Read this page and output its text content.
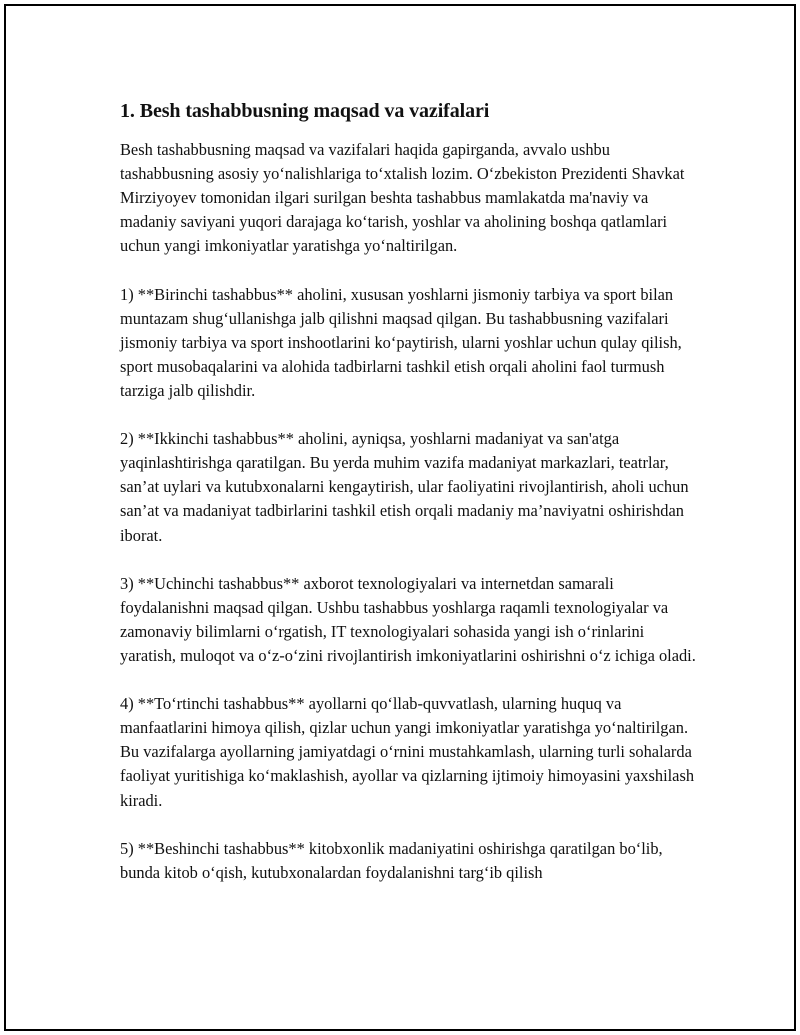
1. Besh tashabbusning maqsad va vazifalari

Besh tashabbusning maqsad va vazifalari haqida gapirganda, avvalo ushbu tashabbusning asosiy yo‘nalishlariga to‘xtalish lozim. O‘zbekiston Prezidenti Shavkat Mirziyoyev tomonidan ilgari surilgan beshta tashabbus mamlakatda ma'naviy va madaniy saviyani yuqori darajaga ko‘tarish, yoshlar va aholining boshqa qatlamlari uchun yangi imkoniyatlar yaratishga yo‘naltirilgan.

1) **Birinchi tashabbus** aholini, xususan yoshlarni jismoniy tarbiya va sport bilan muntazam shug‘ullanishga jalb qilishni maqsad qilgan. Bu tashabbusning vazifalari jismoniy tarbiya va sport inshootlarini ko‘paytirish, ularni yoshlar uchun qulay qilish, sport musobaqalarini va alohida tadbirlarni tashkil etish orqali aholini faol turmush tarziga jalb qilishdir.

2) **Ikkinchi tashabbus** aholini, ayniqsa, yoshlarni madaniyat va san'atga yaqinlashtirishga qaratilgan. Bu yerda muhim vazifa madaniyat markazlari, teatrlar, san’at uylari va kutubxonalarni kengaytirish, ular faoliyatini rivojlantirish, aholi uchun san’at va madaniyat tadbirlarini tashkil etish orqali madaniy ma’naviyatni oshirishdan iborat.

3) **Uchinchi tashabbus** axborot texnologiyalari va internetdan samarali foydalanishni maqsad qilgan. Ushbu tashabbus yoshlarga raqamli texnologiyalar va zamonaviy bilimlarni o‘rgatish, IT texnologiyalari sohasida yangi ish o‘rinlarini yaratish, muloqot va o‘z-o‘zini rivojlantirish imkoniyatlarini oshirishni o‘z ichiga oladi.

4) **To‘rtinchi tashabbus** ayollarni qo‘llab-quvvatlash, ularning huquq va manfaatlarini himoya qilish, qizlar uchun yangi imkoniyatlar yaratishga yo‘naltirilgan. Bu vazifalarga ayollarning jamiyatdagi o‘rnini mustahkamlash, ularning turli sohalarda faoliyat yuritishiga ko‘maklashish, ayollar va qizlarning ijtimoiy himoyasini yaxshilash kiradi.

5) **Beshinchi tashabbus** kitobxonlik madaniyatini oshirishga qaratilgan bo‘lib, bunda kitob o‘qish, kutubxonalardan foydalanishni targ‘ib qilish
